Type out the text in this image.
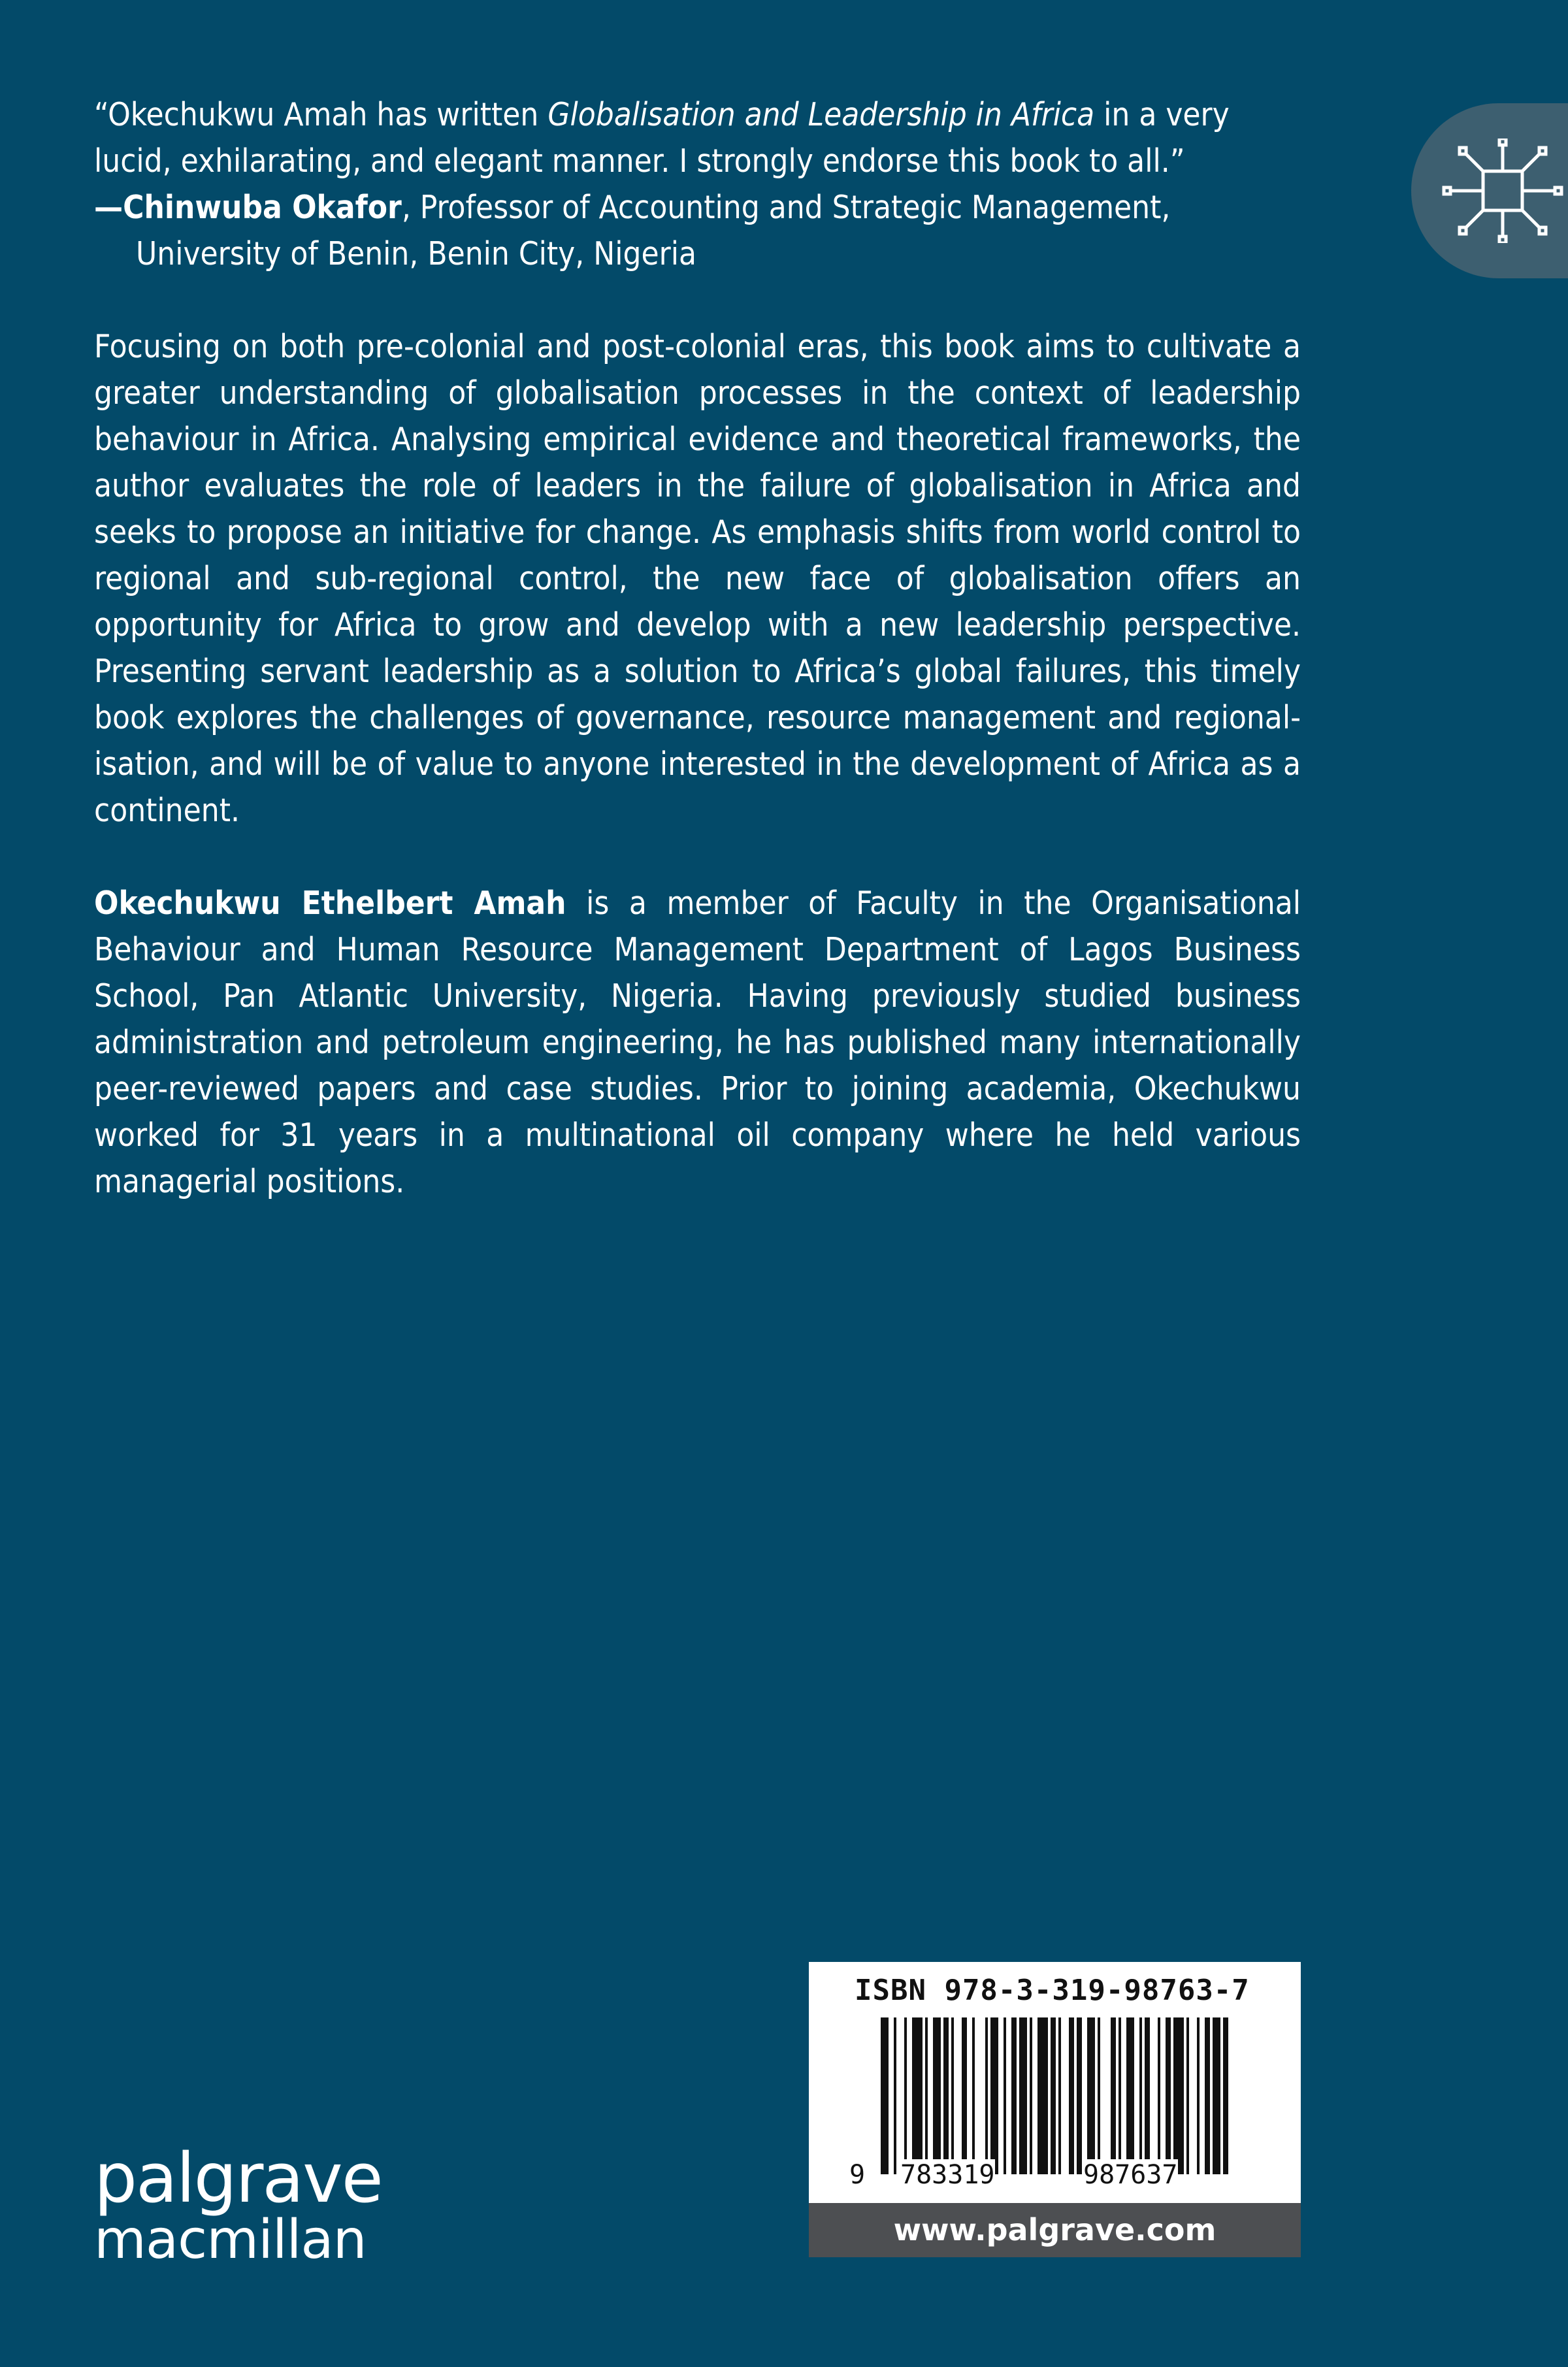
“Okechukwu Amah has written Globalisation and Leadership in Africa in a very
lucid, exhilarating, and elegant manner. I strongly endorse this book to all.”
—Chinwuba Okafor, Professor of Accounting and Strategic Management,
University of Benin, Benin City, Nigeria

Focusing on both pre-colonial and post-colonial eras, this book aims to cultivate a greater understanding of globalisation processes in the context of leadership behaviour in Africa. Analysing empirical evidence and theoretical frameworks, the author evaluates the role of leaders in the failure of globalisation in Africa and seeks to propose an initiative for change. As emphasis shifts from world control to regional and sub-regional control, the new face of globalisation offers an opportunity for Africa to grow and develop with a new leadership perspective. Presenting servant leadership as a solution to Africa’s global failures, this timely book explores the challenges of governance, resource management and regionalisation, and will be of value to anyone interested in the development of Africa as a continent.

Okechukwu Ethelbert Amah is a member of Faculty in the Organisational Behaviour and Human Resource Management Department of Lagos Business School, Pan Atlantic University, Nigeria. Having previously studied business administration and petroleum engineering, he has published many internationally peer-reviewed papers and case studies. Prior to joining academia, Okechukwu worked for 31 years in a multinational oil company where he held various managerial positions.

palgrave
macmillan
ISBN 978-3-319-98763-7
9 783319	987637
www.palgrave.com
